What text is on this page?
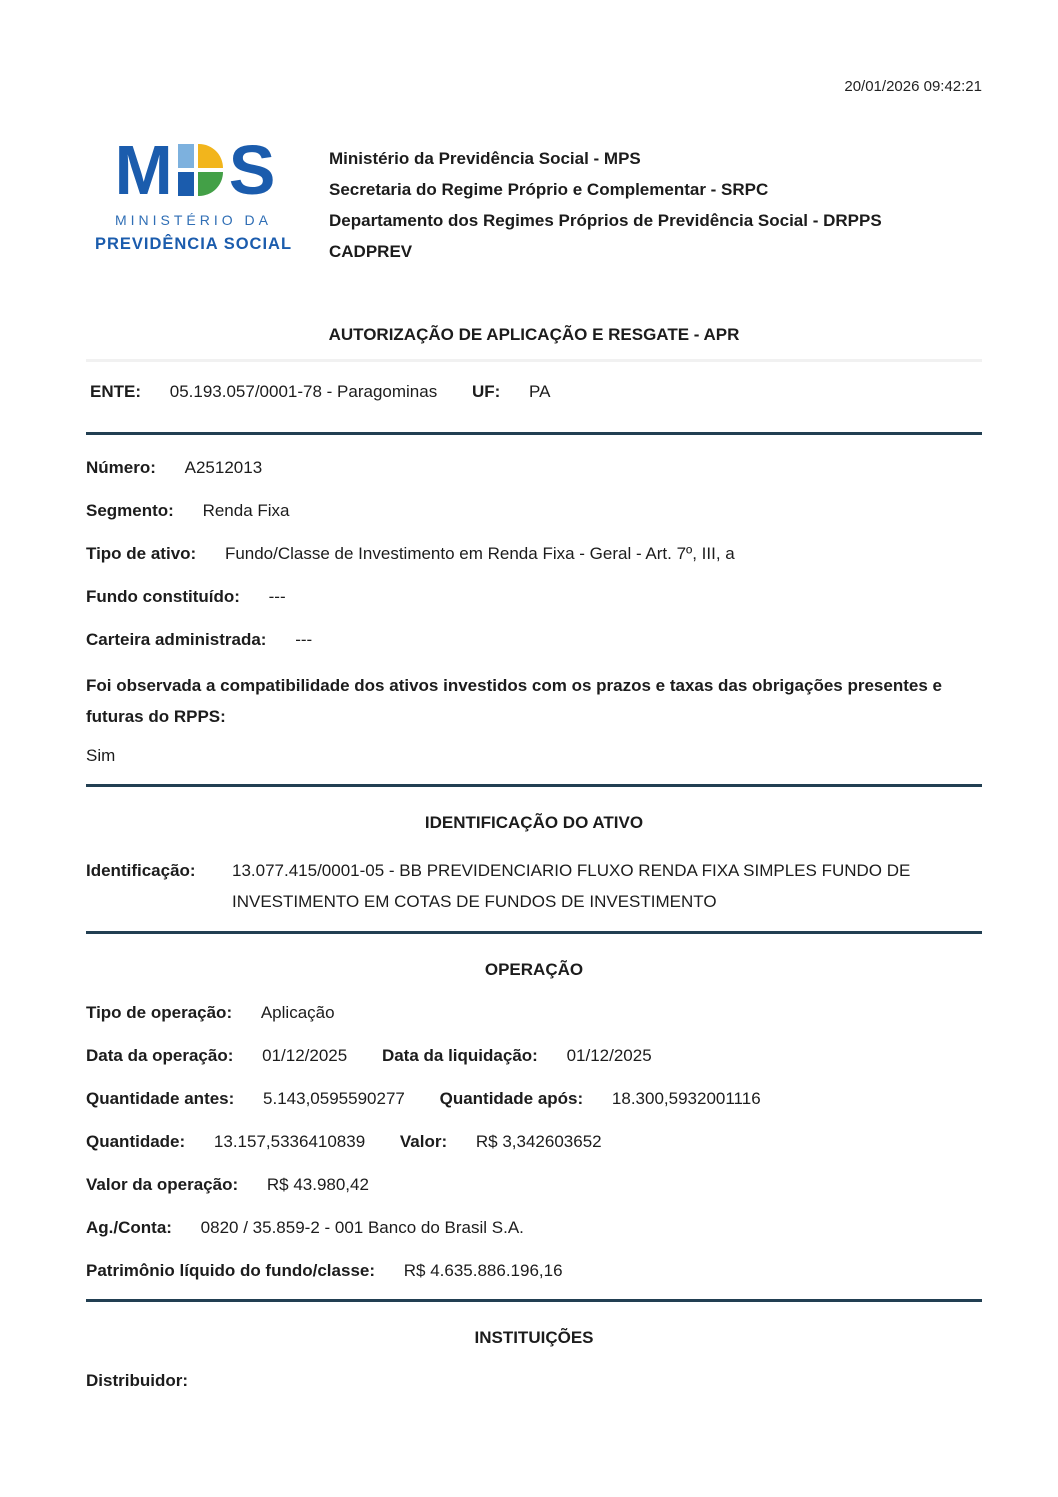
20/01/2026 09:42:21
M S
MINISTÉRIO DA
PREVIDÊNCIA SOCIAL
Ministério da Previdência Social - MPS
Secretaria do Regime Próprio e Complementar - SRPC
Departamento dos Regimes Próprios de Previdência Social - DRPPS
CADPREV
AUTORIZAÇÃO DE APLICAÇÃO E RESGATE - APR
ENTE: 05.193.057/0001-78 - Paragominas UF: PA
Número: A2512013
Segmento: Renda Fixa
Tipo de ativo: Fundo/Classe de Investimento em Renda Fixa - Geral - Art. 7º, III, a
Fundo constituído: ---
Carteira administrada: ---
Foi observada a compatibilidade dos ativos investidos com os prazos e taxas das obrigações presentes e futuras do RPPS:
Sim
IDENTIFICAÇÃO DO ATIVO
Identificação:	13.077.415/0001-05 - BB PREVIDENCIARIO FLUXO RENDA FIXA SIMPLES FUNDO DE INVESTIMENTO EM COTAS DE FUNDOS DE INVESTIMENTO
OPERAÇÃO
Tipo de operação: Aplicação
Data da operação: 01/12/2025 Data da liquidação: 01/12/2025
Quantidade antes: 5.143,0595590277 Quantidade após: 18.300,5932001116
Quantidade: 13.157,5336410839 Valor: R$ 3,342603652
Valor da operação: R$ 43.980,42
Ag./Conta: 0820 / 35.859-2 - 001 Banco do Brasil S.A.
Patrimônio líquido do fundo/classe: R$ 4.635.886.196,16
INSTITUIÇÕES
Distribuidor:
